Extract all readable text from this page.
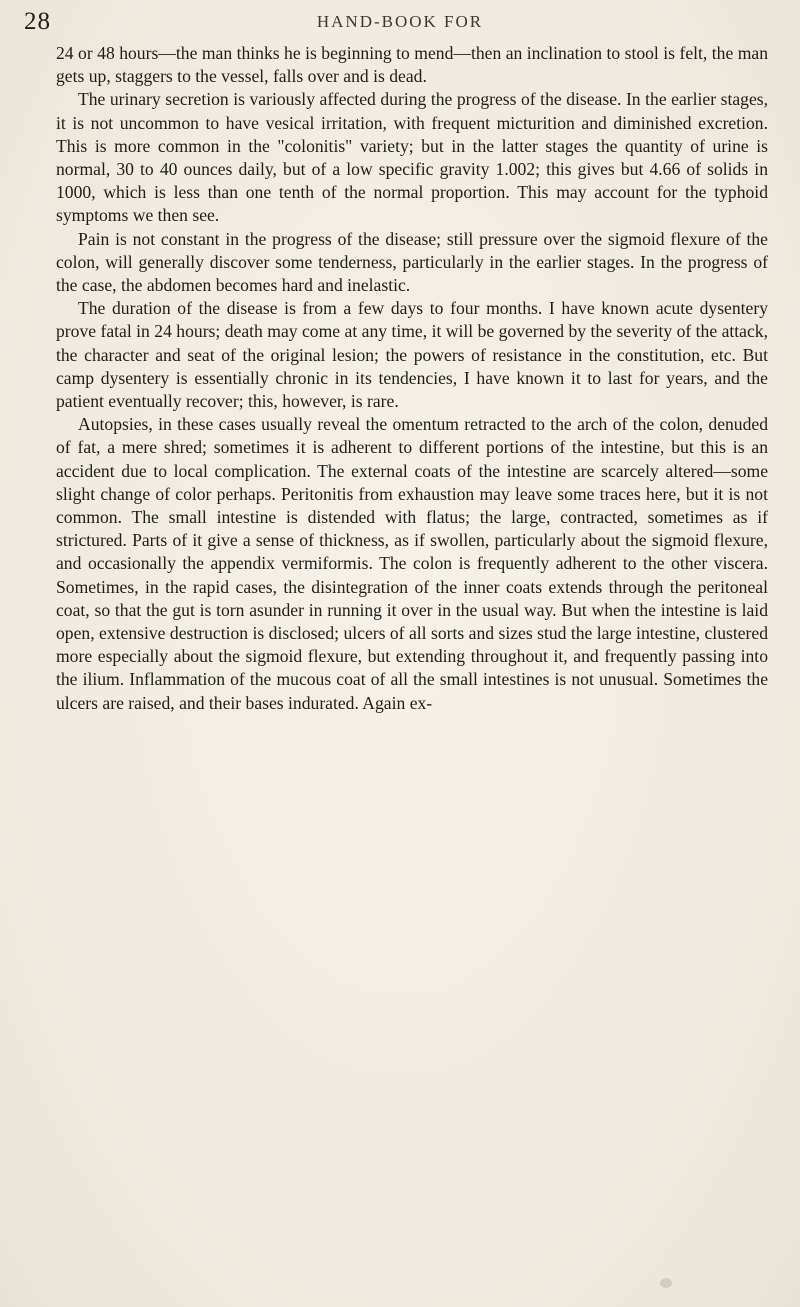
28	HAND-BOOK FOR

24 or 48 hours—the man thinks he is beginning to mend—then an inclination to stool is felt, the man gets up, staggers to the vessel, falls over and is dead.

The urinary secretion is variously affected during the progress of the disease. In the earlier stages, it is not uncommon to have vesical irritation, with frequent micturition and diminished excretion. This is more common in the "colonitis" variety; but in the latter stages the quantity of urine is normal, 30 to 40 ounces daily, but of a low specific gravity 1.002; this gives but 4.66 of solids in 1000, which is less than one tenth of the normal proportion. This may account for the typhoid symptoms we then see.

Pain is not constant in the progress of the disease; still pressure over the sigmoid flexure of the colon, will generally discover some tenderness, particularly in the earlier stages. In the progress of the case, the abdomen becomes hard and inelastic.

The duration of the disease is from a few days to four months. I have known acute dysentery prove fatal in 24 hours; death may come at any time, it will be governed by the severity of the attack, the character and seat of the original lesion; the powers of resistance in the constitution, etc. But camp dysentery is essentially chronic in its tendencies, I have known it to last for years, and the patient eventually recover; this, however, is rare.

Autopsies, in these cases usually reveal the omentum retracted to the arch of the colon, denuded of fat, a mere shred; sometimes it is adherent to different portions of the intestine, but this is an accident due to local complication. The external coats of the intestine are scarcely altered—some slight change of color perhaps. Peritonitis from exhaustion may leave some traces here, but it is not common. The small intestine is distended with flatus; the large, contracted, sometimes as if strictured. Parts of it give a sense of thickness, as if swollen, particularly about the sigmoid flexure, and occasionally the appendix vermiformis. The colon is frequently adherent to the other viscera. Sometimes, in the rapid cases, the disintegration of the inner coats extends through the peritoneal coat, so that the gut is torn asunder in running it over in the usual way. But when the intestine is laid open, extensive destruction is disclosed; ulcers of all sorts and sizes stud the large intestine, clustered more especially about the sigmoid flexure, but extending throughout it, and frequently passing into the ilium. Inflammation of the mucous coat of all the small intestines is not unusual. Sometimes the ulcers are raised, and their bases indurated. Again ex-
